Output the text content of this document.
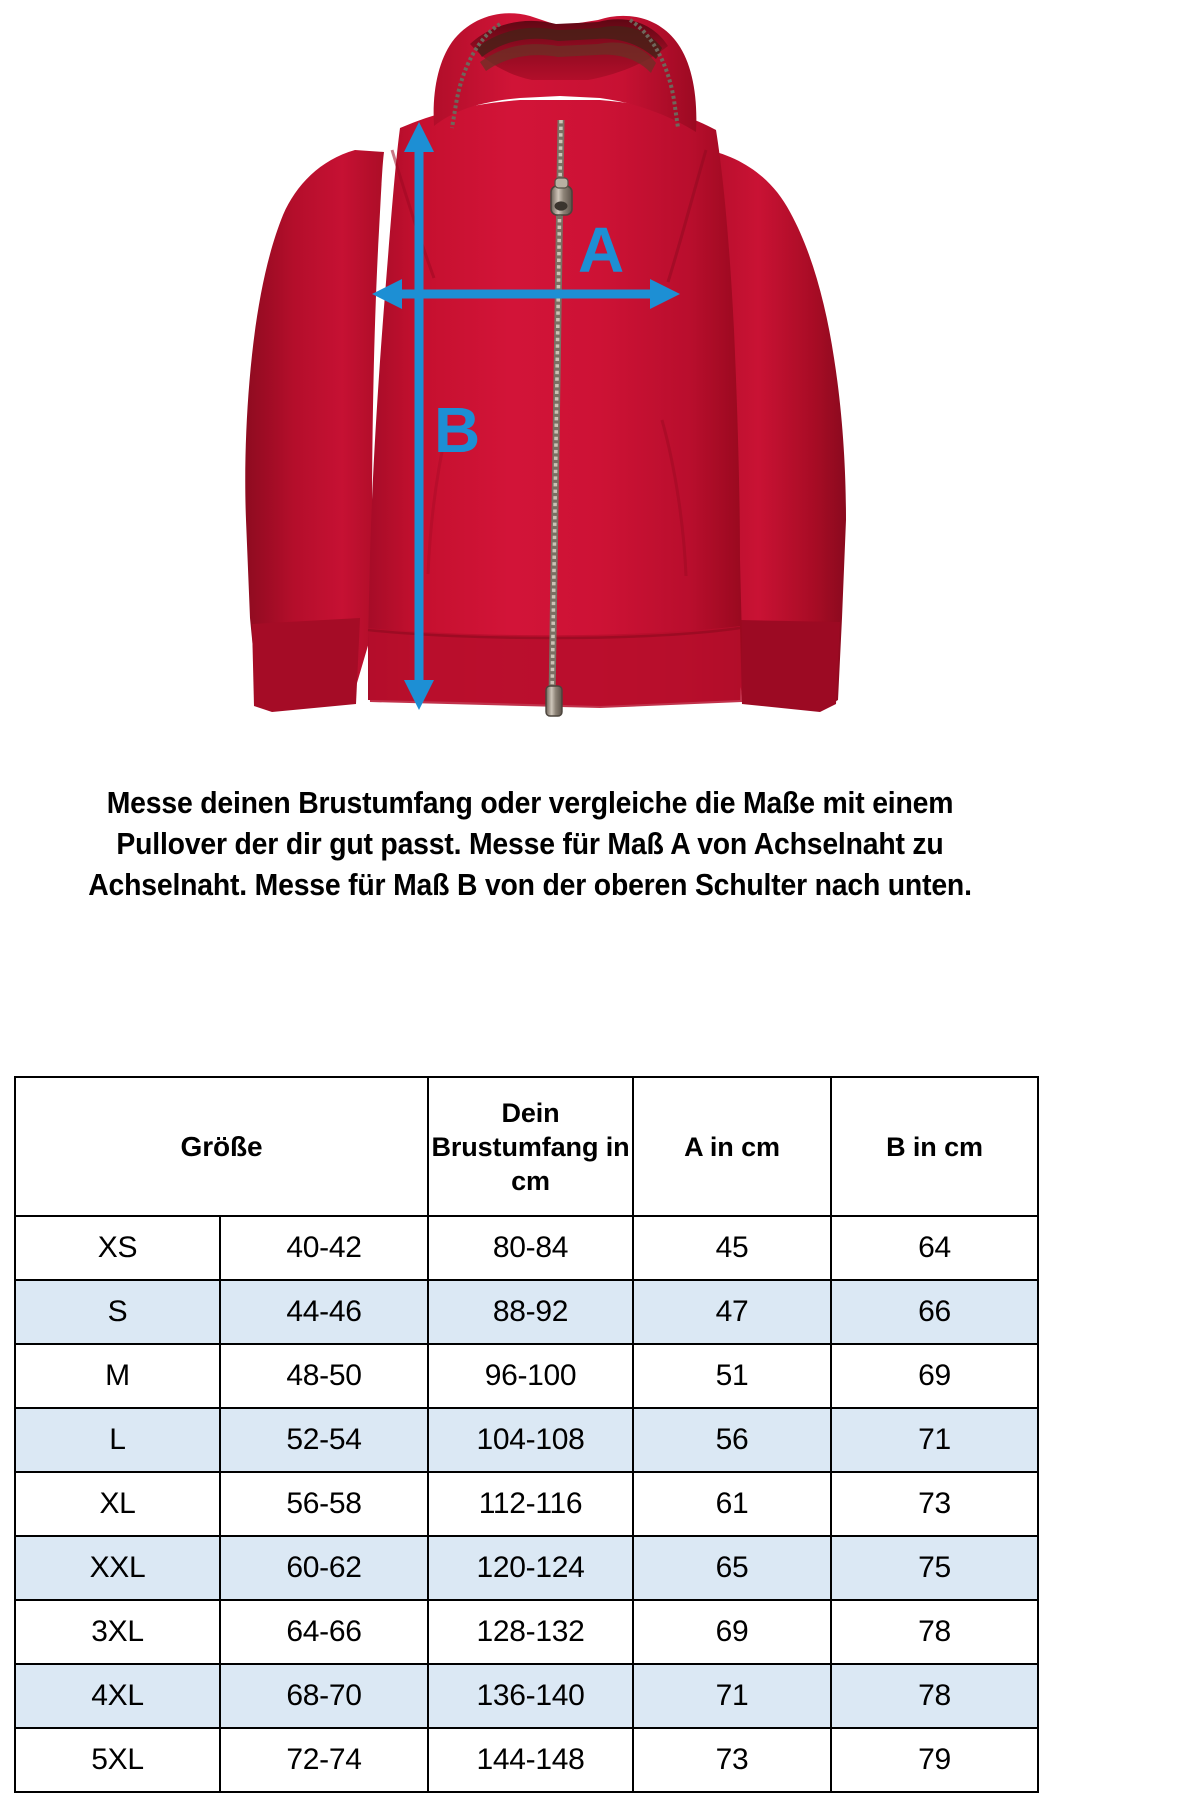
A
B

Messe deinen Brustumfang oder vergleiche die Maße mit einem Pullover der dir gut passt. Messe für Maß A von Achselnaht zu Achselnaht. Messe für Maß B von der oberen Schulter nach unten.

Größe		Dein Brustumfang in cm	A in cm	B in cm
XS	40-42	80-84	45	64
S	44-46	88-92	47	66
M	48-50	96-100	51	69
L	52-54	104-108	56	71
XL	56-58	112-116	61	73
XXL	60-62	120-124	65	75
3XL	64-66	128-132	69	78
4XL	68-70	136-140	71	78
5XL	72-74	144-148	73	79
